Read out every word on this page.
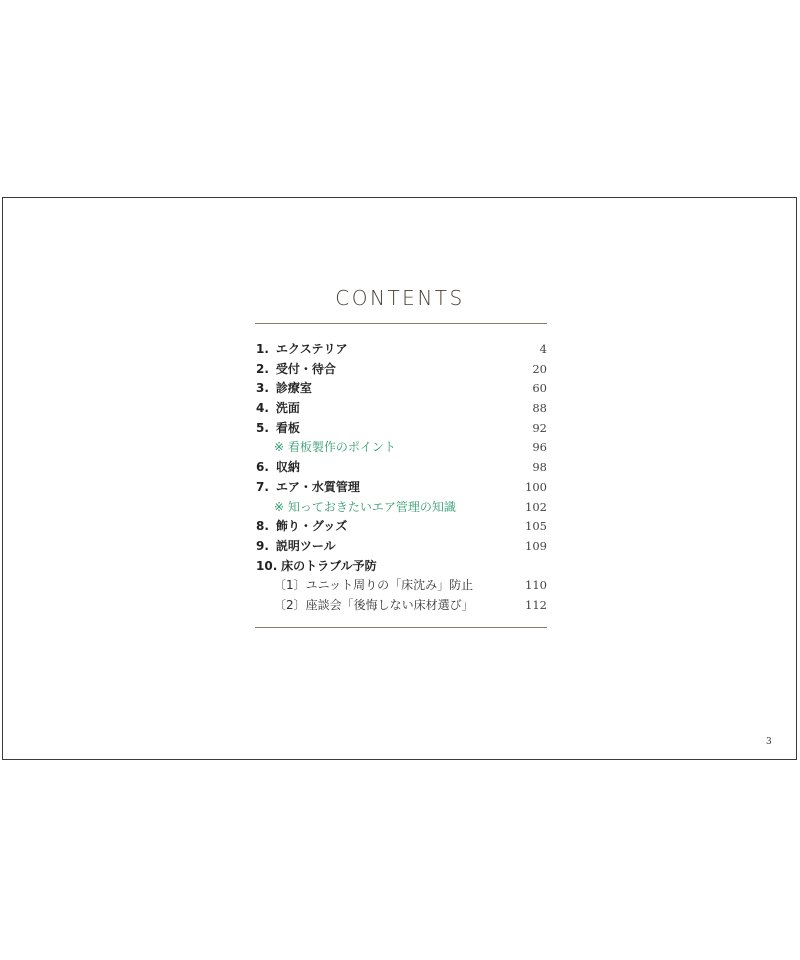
CONTENTS
1. エクステリア	4
2. 受付・待合	20
3. 診療室	60
4. 洗面	88
5. 看板	92
※ 看板製作のポイント	96
6. 収納	98
7. エア・水質管理	100
※ 知っておきたいエア管理の知識	102
8. 飾り・グッズ	105
9. 説明ツール	109
10. 床のトラブル予防
〔1〕ユニット周りの「床沈み」防止	110
〔2〕座談会「後悔しない床材選び」	112
3
